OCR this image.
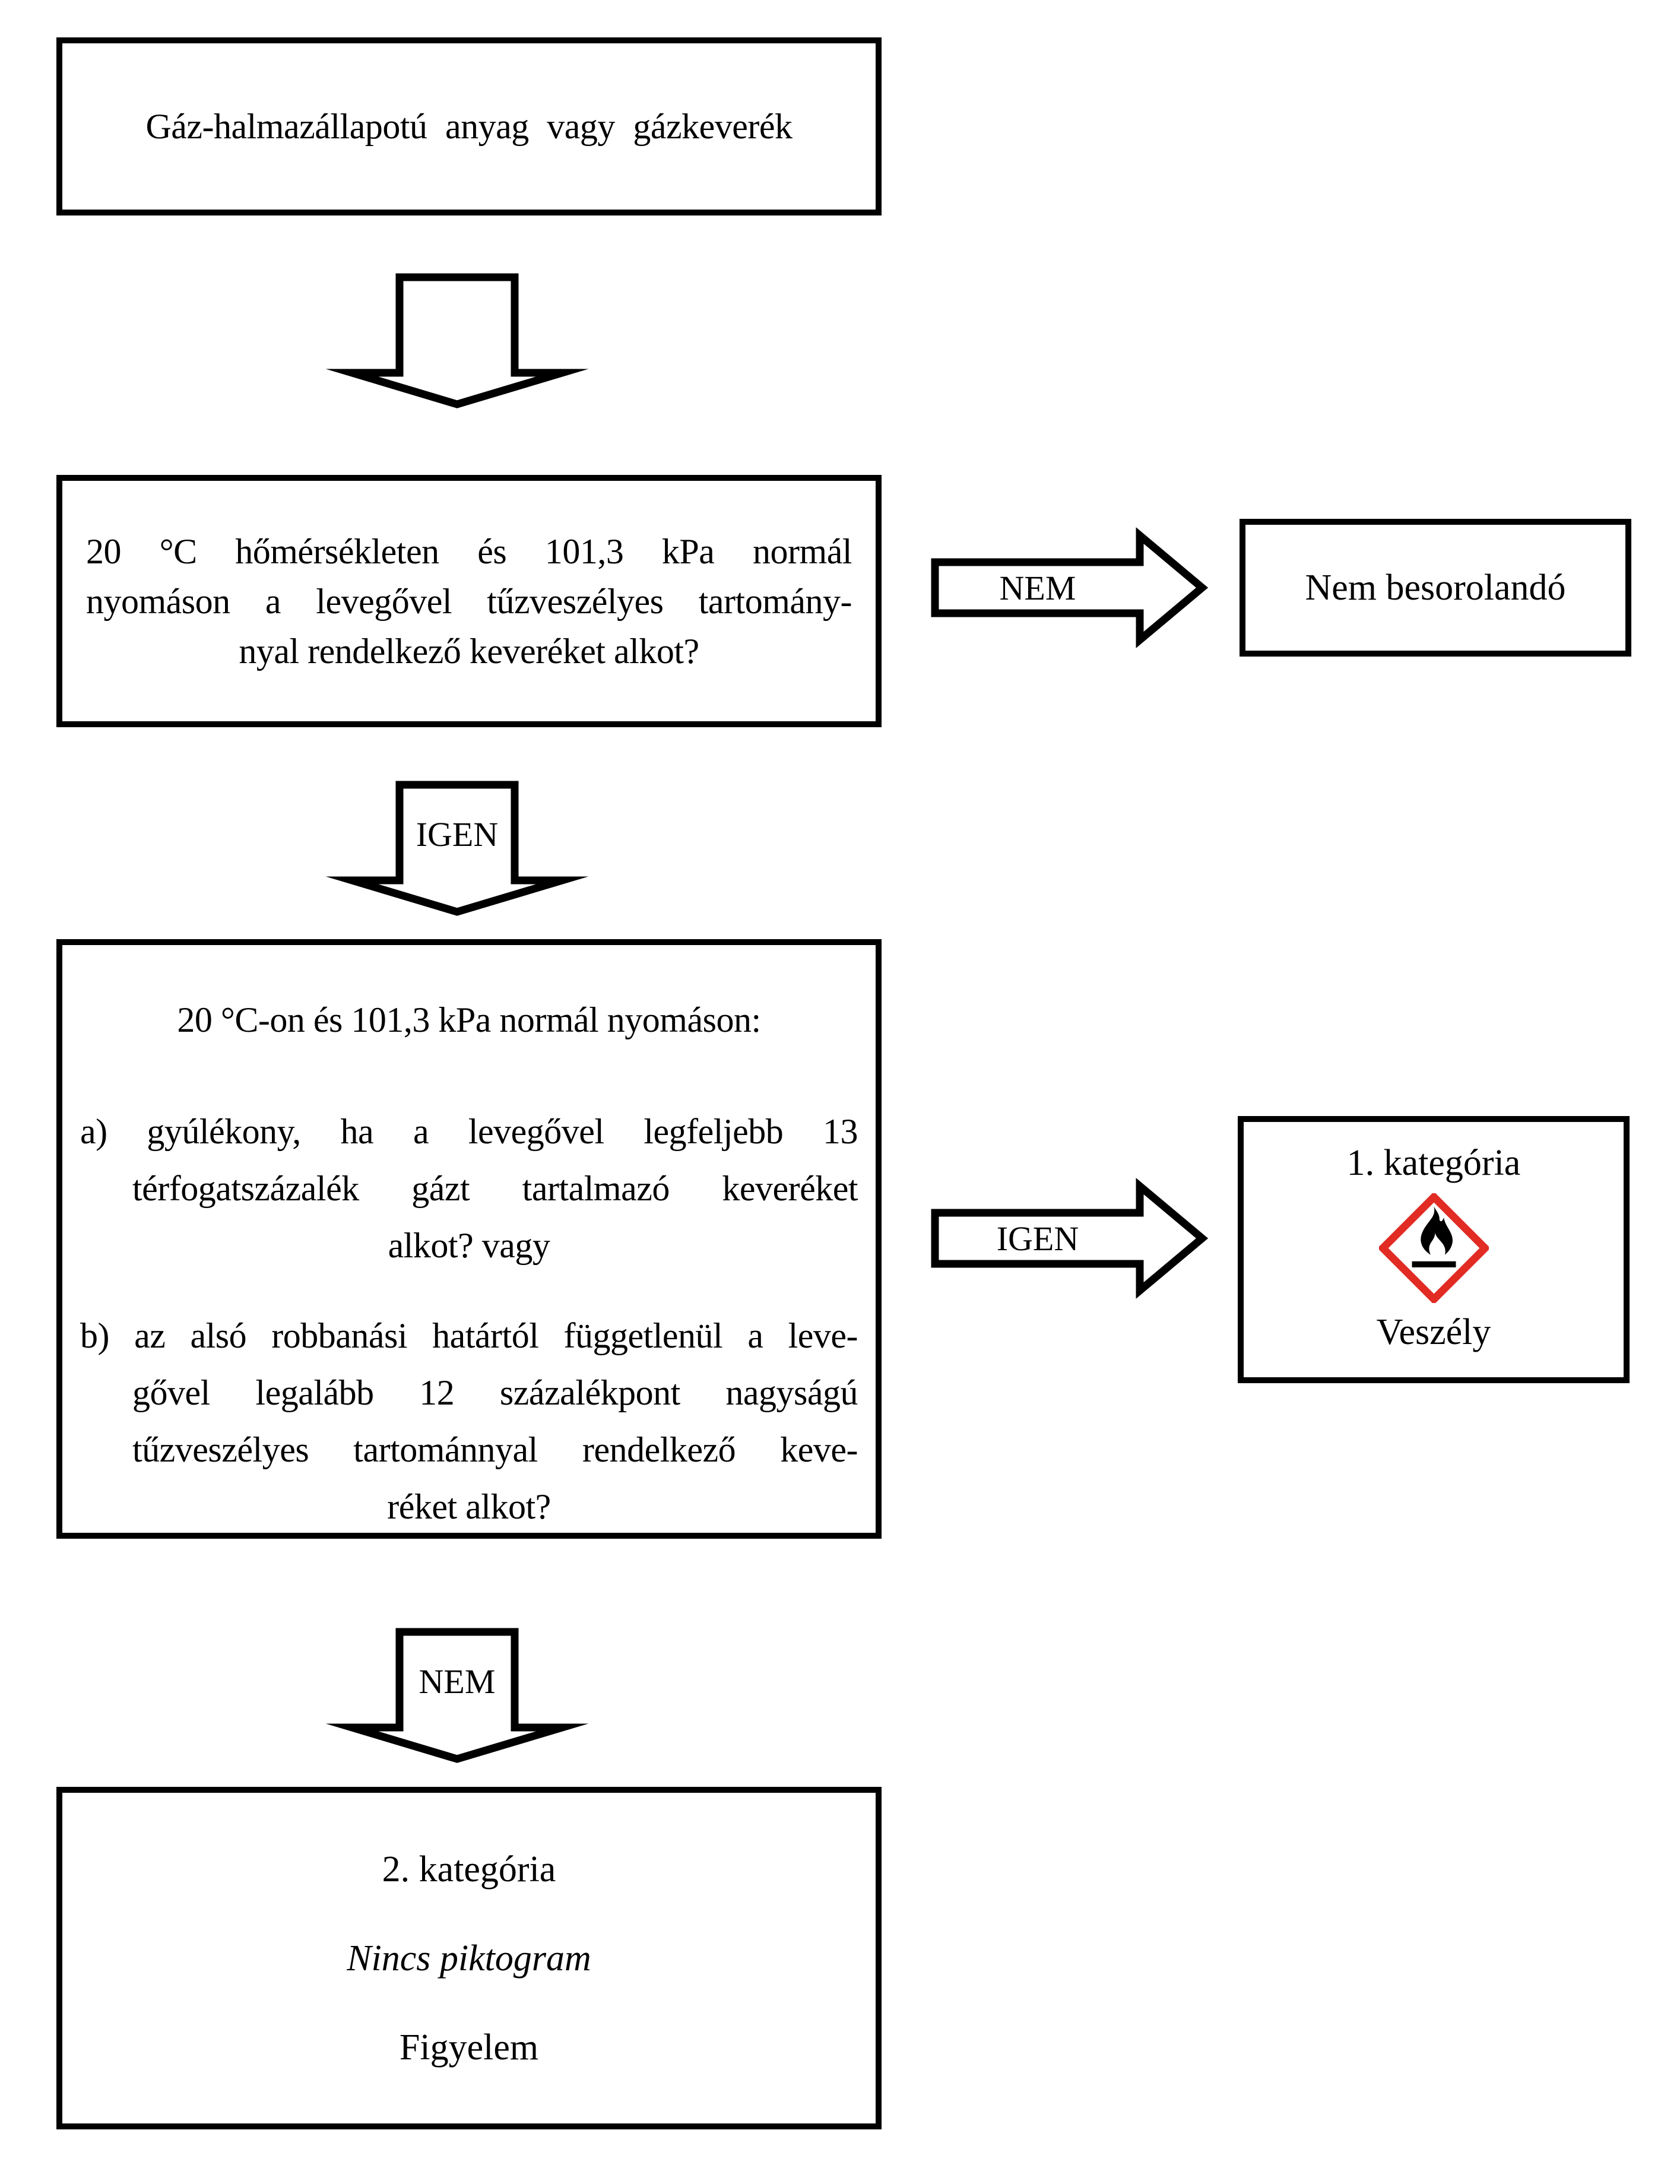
Gáz-halmazállapotú anyag vagy gázkeverék
20 °C hőmérsékleten és 101,3 kPa normál
nyomáson a levegővel tűzveszélyes tartomány-
nyal rendelkező keveréket alkot?
NEM	Nem besorolandó
IGEN
20 °C-on és 101,3 kPa normál nyomáson:
a) gyúlékony, ha a levegővel legfeljebb 13
térfogatszázalék gázt tartalmazó keveréket
alkot? vagy
b) az alsó robbanási határtól függetlenül a leve-
gővel legalább 12 százalékpont nagyságú
tűzveszélyes tartománnyal rendelkező keve-
réket alkot?
IGEN
1. kategória
Veszély
NEM
2. kategória
Nincs piktogram
Figyelem
